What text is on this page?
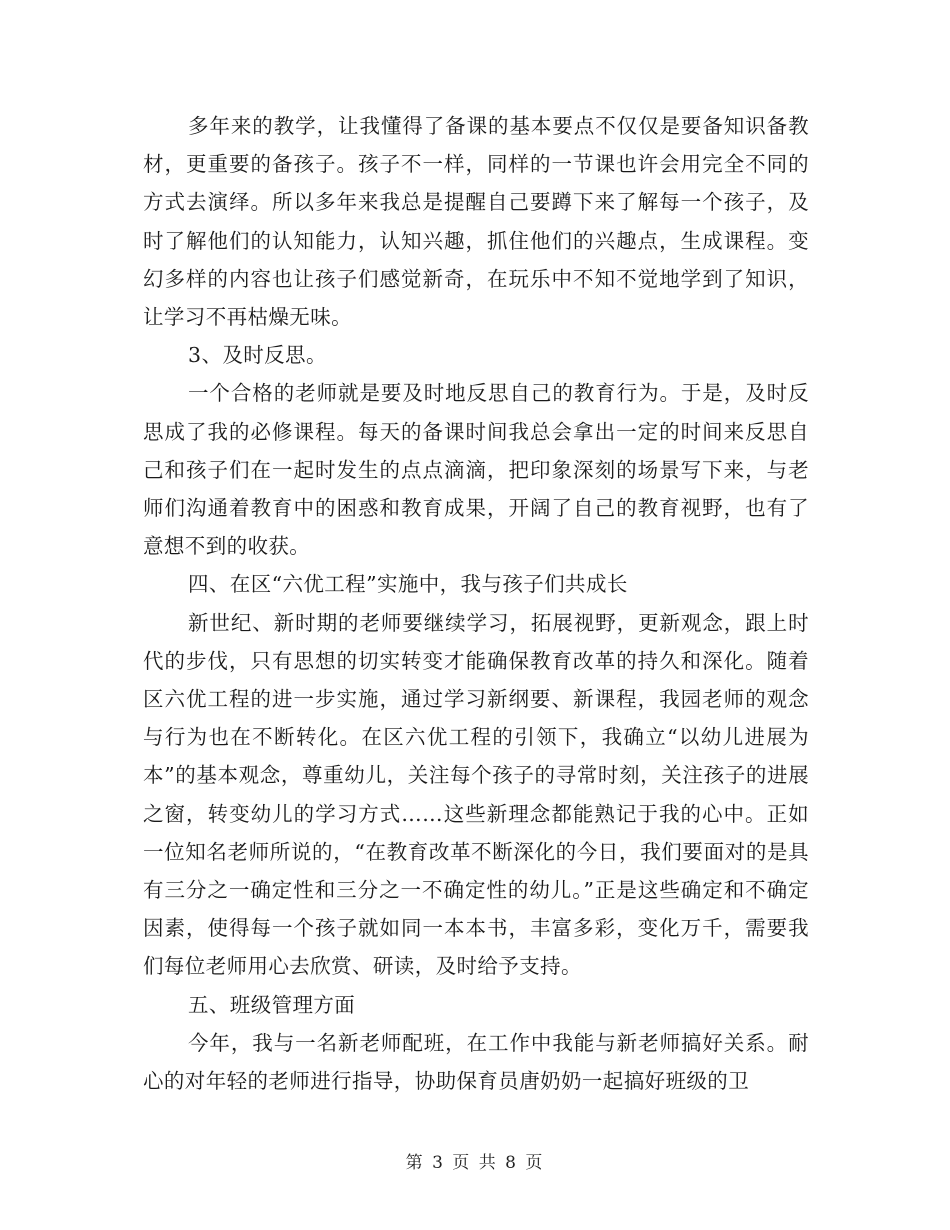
多年来的教学，让我懂得了备课的基本要点不仅仅是要备知识备教材，更重要的备孩子。孩子不一样，同样的一节课也许会用完全不同的方式去演绎。所以多年来我总是提醒自己要蹲下来了解每一个孩子，及时了解他们的认知能力，认知兴趣，抓住他们的兴趣点，生成课程。变幻多样的内容也让孩子们感觉新奇，在玩乐中不知不觉地学到了知识，让学习不再枯燥无味。

3、及时反思。

一个合格的老师就是要及时地反思自己的教育行为。于是，及时反思成了我的必修课程。每天的备课时间我总会拿出一定的时间来反思自己和孩子们在一起时发生的点点滴滴，把印象深刻的场景写下来，与老师们沟通着教育中的困惑和教育成果，开阔了自己的教育视野，也有了意想不到的收获。

四、在区“六优工程”实施中，我与孩子们共成长

新世纪、新时期的老师要继续学习，拓展视野，更新观念，跟上时代的步伐，只有思想的切实转变才能确保教育改革的持久和深化。随着区六优工程的进一步实施，通过学习新纲要、新课程，我园老师的观念与行为也在不断转化。在区六优工程的引领下，我确立“以幼儿进展为本”的基本观念，尊重幼儿，关注每个孩子的寻常时刻，关注孩子的进展之窗，转变幼儿的学习方式……这些新理念都能熟记于我的心中。正如一位知名老师所说的，“在教育改革不断深化的今日，我们要面对的是具有三分之一确定性和三分之一不确定性的幼儿。”正是这些确定和不确定因素，使得每一个孩子就如同一本本书，丰富多彩，变化万千，需要我们每位老师用心去欣赏、研读，及时给予支持。

五、班级管理方面

今年，我与一名新老师配班，在工作中我能与新老师搞好关系。耐心的对年轻的老师进行指导，协助保育员唐奶奶一起搞好班级的卫

第 3 页 共 8 页
